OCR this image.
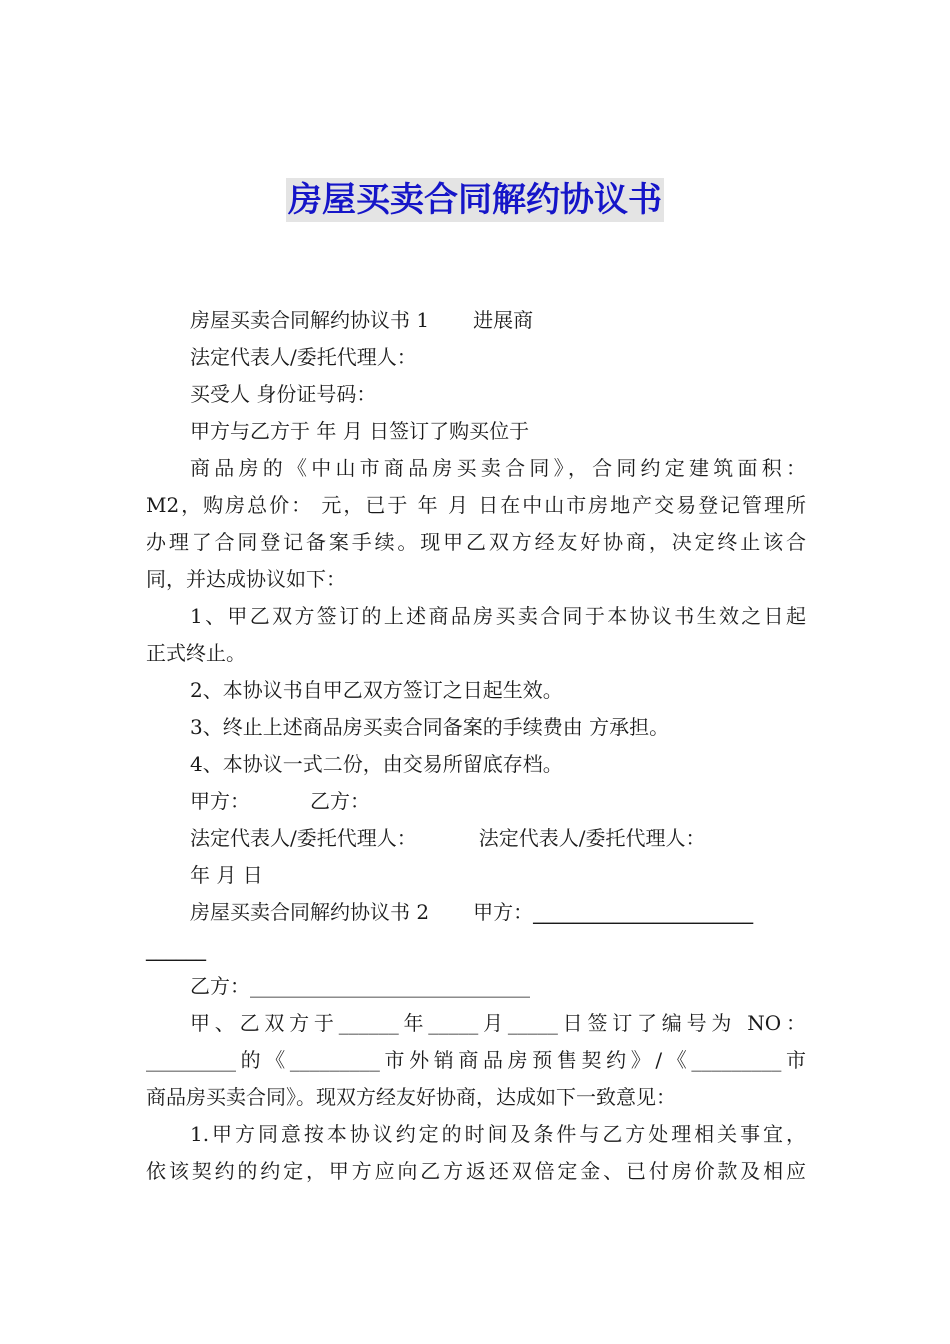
房屋买卖合同解约协议书

房屋买卖合同解约协议书 1 进展商

法定代表人/委托代理人：

买受人 身份证号码：

甲方与乙方于 年 月 日签订了购买位于

商品房的《中山市商品房买卖合同》，合同约定建筑面积：

M2，购房总价： 元，已于 年 月 日在中山市房地产交易登记管理所

办理了合同登记备案手续。现甲乙双方经友好协商，决定终止该合

同，并达成协议如下：

1、甲乙双方签订的上述商品房买卖合同于本协议书生效之日起

正式终止。

2、本协议书自甲乙双方签订之日起生效。

3、终止上述商品房买卖合同备案的手续费由 方承担。

4、本协议一式二份，由交易所留底存档。

甲方：	乙方：

法定代表人/委托代理人：	法定代表人/委托代理人：

年 月 日

房屋买卖合同解约协议书 2 甲方：______________________

______

乙方：____________________________

甲、乙双方于______年_____月_____日签订了编号为 NO：

_________的《_________市外销商品房预售契约》/《_________市

商品房买卖合同》。现双方经友好协商，达成如下一致意见：

1.甲方同意按本协议约定的时间及条件与乙方处理相关事宜，

依该契约的约定，甲方应向乙方返还双倍定金、已付房价款及相应
